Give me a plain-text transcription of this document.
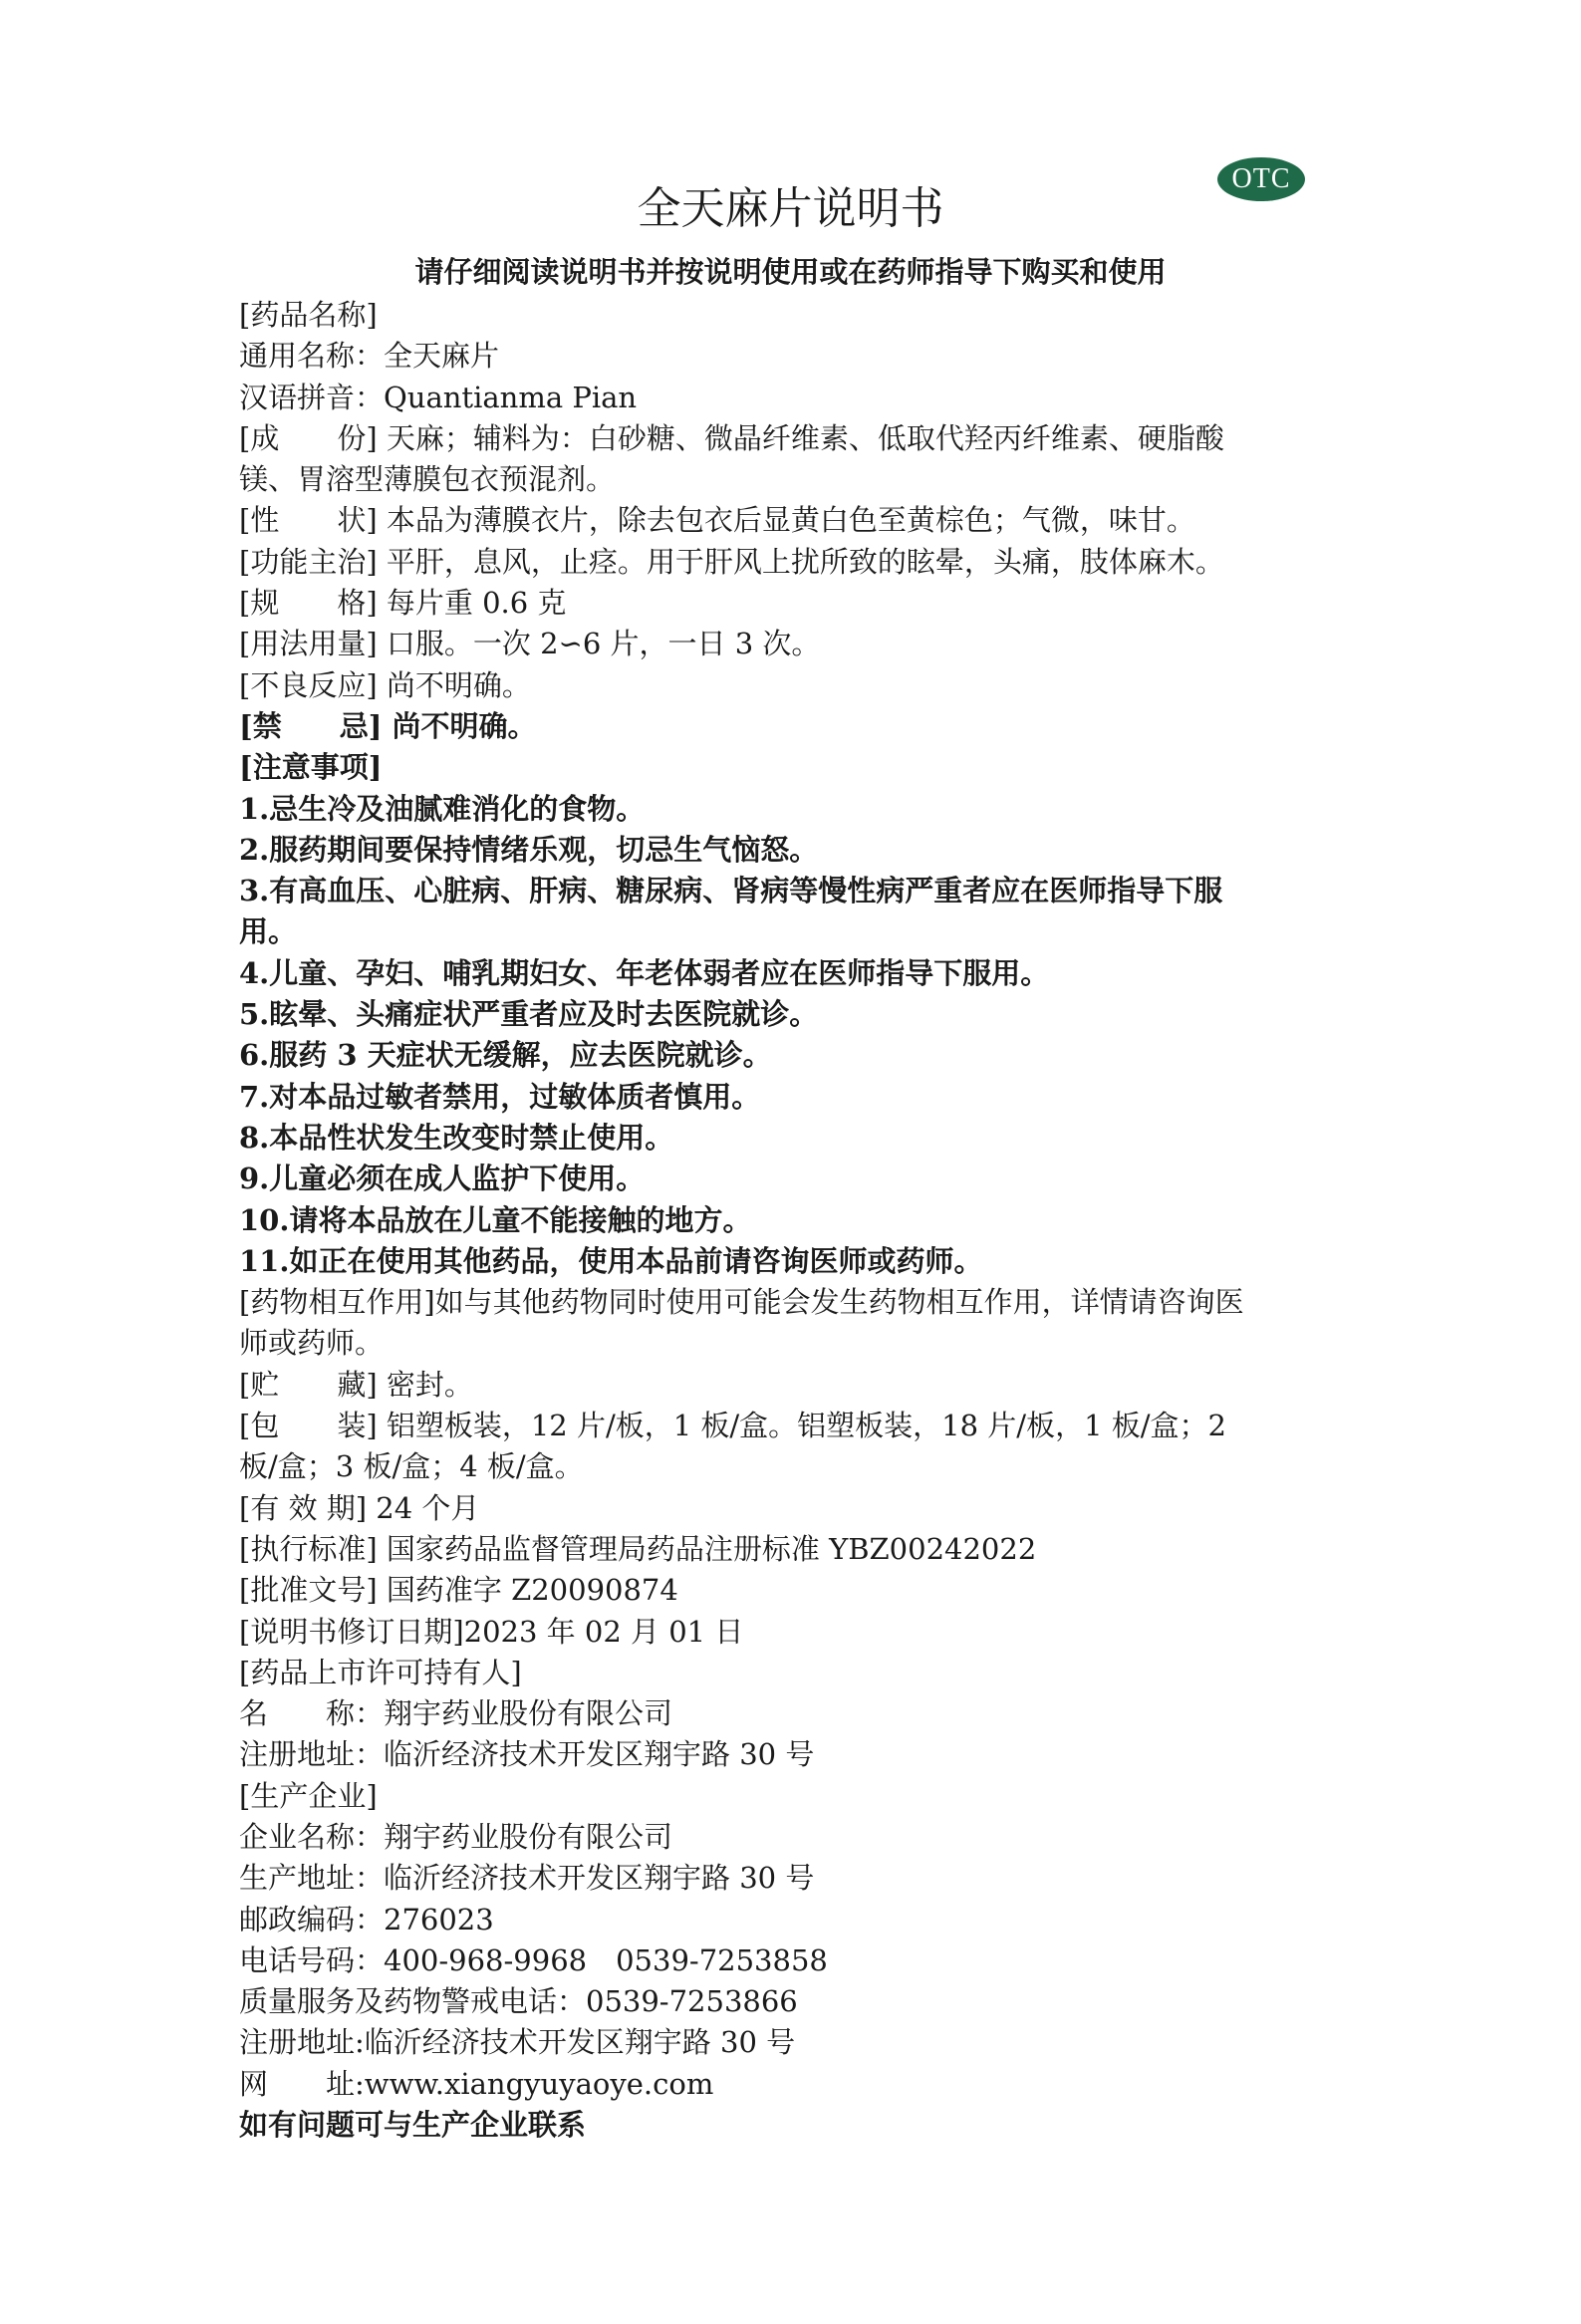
OTC
全天麻片说明书
请仔细阅读说明书并按说明使用或在药师指导下购买和使用

[药品名称]

通用名称：全天麻片

汉语拼音：Quantianma Pian

[成　　份] 天麻；辅料为：白砂糖、微晶纤维素、低取代羟丙纤维素、硬脂酸

镁、胃溶型薄膜包衣预混剂。

[性　　状] 本品为薄膜衣片，除去包衣后显黄白色至黄棕色；气微，味甘。

[功能主治] 平肝，息风，止痉。用于肝风上扰所致的眩晕，头痛，肢体麻木。

[规　　格] 每片重 0.6 克

[用法用量] 口服。一次 2∽6 片，一日 3 次。

[不良反应] 尚不明确。

[禁　　忌] 尚不明确。

[注意事项]

1.忌生冷及油腻难消化的食物。

2.服药期间要保持情绪乐观，切忌生气恼怒。

3.有高血压、心脏病、肝病、糖尿病、肾病等慢性病严重者应在医师指导下服

用。

4.儿童、孕妇、哺乳期妇女、年老体弱者应在医师指导下服用。

5.眩晕、头痛症状严重者应及时去医院就诊。

6.服药 3 天症状无缓解，应去医院就诊。

7.对本品过敏者禁用，过敏体质者慎用。

8.本品性状发生改变时禁止使用。

9.儿童必须在成人监护下使用。

10.请将本品放在儿童不能接触的地方。

11.如正在使用其他药品，使用本品前请咨询医师或药师。

[药物相互作用]如与其他药物同时使用可能会发生药物相互作用，详情请咨询医

师或药师。

[贮　　藏] 密封。

[包　　装] 铝塑板装，12 片/板，1 板/盒。铝塑板装，18 片/板，1 板/盒；2

板/盒；3 板/盒；4 板/盒。

[有 效 期] 24 个月

[执行标准] 国家药品监督管理局药品注册标准 YBZ00242022

[批准文号] 国药准字 Z20090874

[说明书修订日期]2023 年 02 月 01 日

[药品上市许可持有人]

名　　称：翔宇药业股份有限公司

注册地址：临沂经济技术开发区翔宇路 30 号

[生产企业]

企业名称：翔宇药业股份有限公司

生产地址：临沂经济技术开发区翔宇路 30 号

邮政编码：276023

电话号码：400-968-9968　0539-7253858

质量服务及药物警戒电话：0539-7253866

注册地址:临沂经济技术开发区翔宇路 30 号

网　　址:www.xiangyuyaoye.com

如有问题可与生产企业联系
